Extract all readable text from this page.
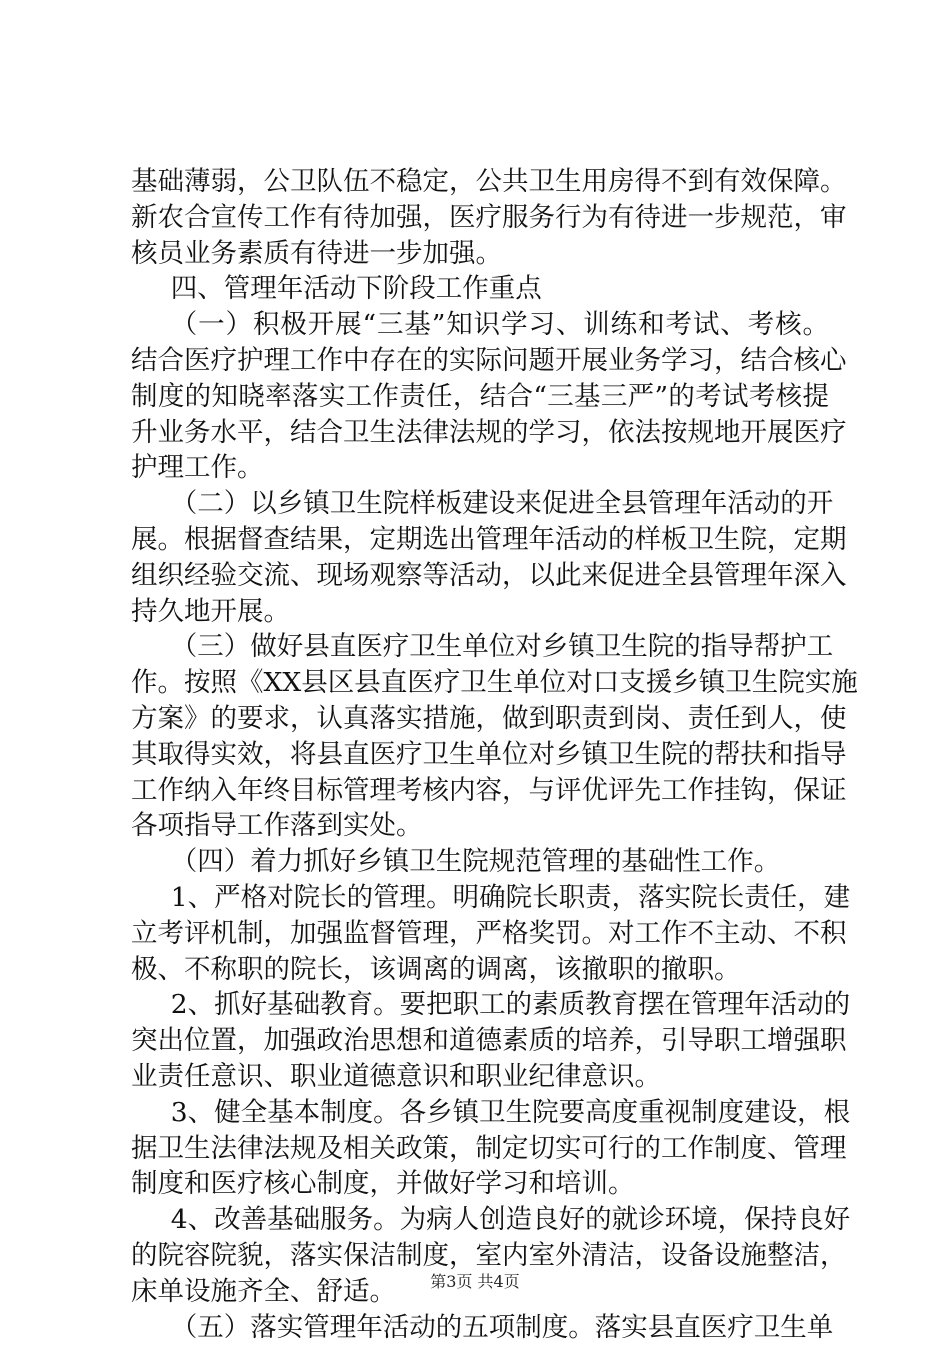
基础薄弱，公卫队伍不稳定，公共卫生用房得不到有效保障。
新农合宣传工作有待加强，医疗服务行为有待进一步规范，审
核员业务素质有待进一步加强。
四、管理年活动下阶段工作重点
（一）积极开展“三基”知识学习、训练和考试、考核。
结合医疗护理工作中存在的实际问题开展业务学习，结合核心
制度的知晓率落实工作责任，结合“三基三严”的考试考核提
升业务水平，结合卫生法律法规的学习，依法按规地开展医疗
护理工作。
（二）以乡镇卫生院样板建设来促进全县管理年活动的开
展。根据督查结果，定期选出管理年活动的样板卫生院，定期
组织经验交流、现场观察等活动，以此来促进全县管理年深入
持久地开展。
（三）做好县直医疗卫生单位对乡镇卫生院的指导帮护工
作。按照《XX县区县直医疗卫生单位对口支援乡镇卫生院实施
方案》的要求，认真落实措施，做到职责到岗、责任到人，使
其取得实效，将县直医疗卫生单位对乡镇卫生院的帮扶和指导
工作纳入年终目标管理考核内容，与评优评先工作挂钩，保证
各项指导工作落到实处。
（四）着力抓好乡镇卫生院规范管理的基础性工作。
1、严格对院长的管理。明确院长职责，落实院长责任，建
立考评机制，加强监督管理，严格奖罚。对工作不主动、不积
极、不称职的院长，该调离的调离，该撤职的撤职。
2、抓好基础教育。要把职工的素质教育摆在管理年活动的
突出位置，加强政治思想和道德素质的培养，引导职工增强职
业责任意识、职业道德意识和职业纪律意识。
3、健全基本制度。各乡镇卫生院要高度重视制度建设，根
据卫生法律法规及相关政策，制定切实可行的工作制度、管理
制度和医疗核心制度，并做好学习和培训。
4、改善基础服务。为病人创造良好的就诊环境，保持良好
的院容院貌，落实保洁制度，室内室外清洁，设备设施整洁，
床单设施齐全、舒适。
（五）落实管理年活动的五项制度。落实县直医疗卫生单
第3页 共4页
